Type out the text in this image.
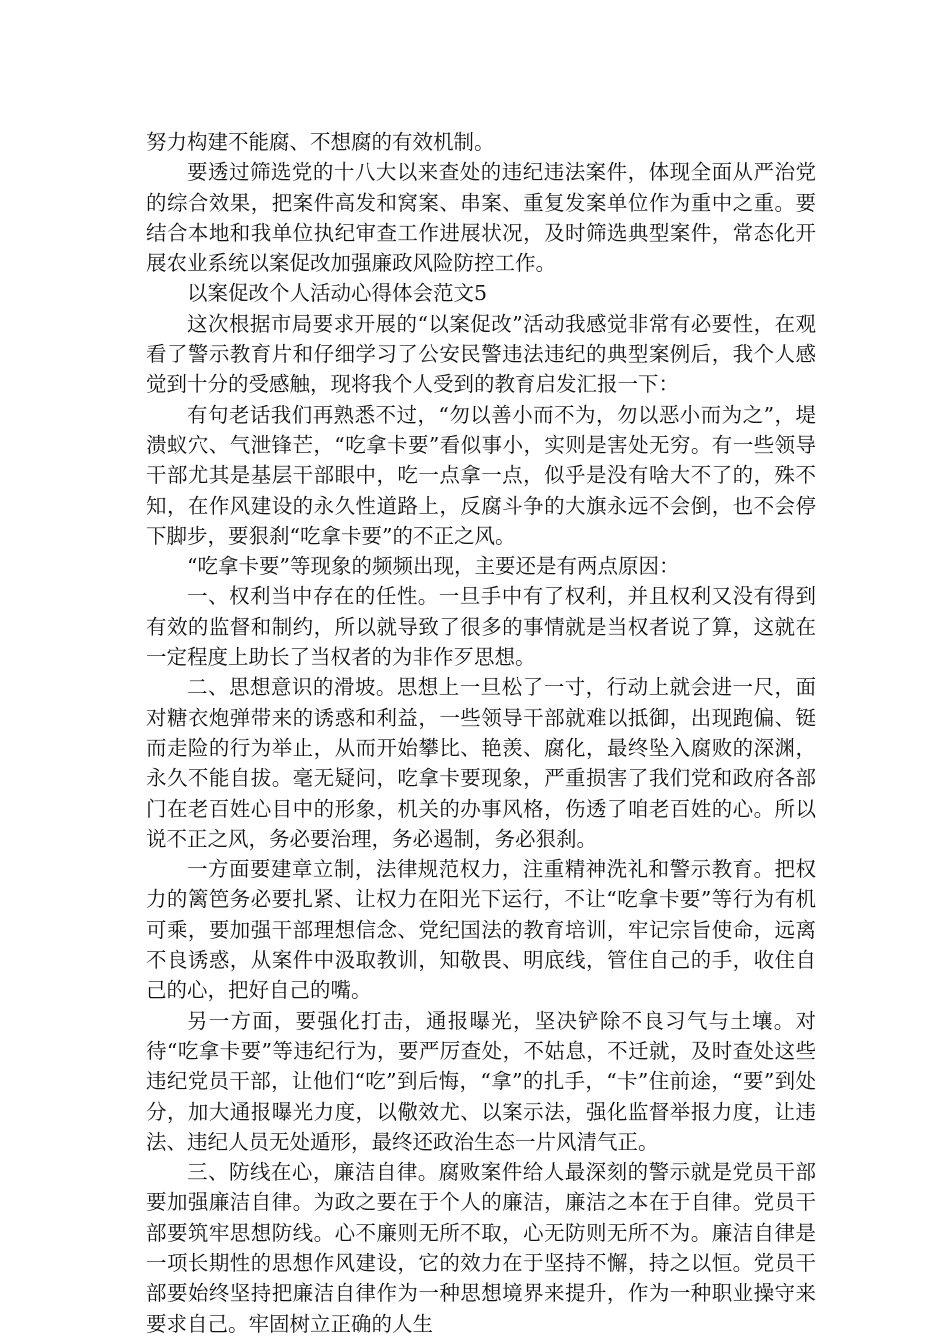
努力构建不能腐、不想腐的有效机制。

要透过筛选党的十八大以来查处的违纪违法案件，体现全面从严治党的综合效果，把案件高发和窝案、串案、重复发案单位作为重中之重。要结合本地和我单位执纪审查工作进展状况，及时筛选典型案件，常态化开展农业系统以案促改加强廉政风险防控工作。

以案促改个人活动心得体会范文5

这次根据市局要求开展的“以案促改”活动我感觉非常有必要性，在观看了警示教育片和仔细学习了公安民警违法违纪的典型案例后，我个人感觉到十分的受感触，现将我个人受到的教育启发汇报一下：

有句老话我们再熟悉不过，“勿以善小而不为，勿以恶小而为之”，堤溃蚁穴、气泄锋芒，“吃拿卡要”看似事小，实则是害处无穷。有一些领导干部尤其是基层干部眼中，吃一点拿一点，似乎是没有啥大不了的，殊不知，在作风建设的永久性道路上，反腐斗争的大旗永远不会倒，也不会停下脚步，要狠刹“吃拿卡要”的不正之风。

“吃拿卡要”等现象的频频出现，主要还是有两点原因：

一、权利当中存在的任性。一旦手中有了权利，并且权利又没有得到有效的监督和制约，所以就导致了很多的事情就是当权者说了算，这就在一定程度上助长了当权者的为非作歹思想。

二、思想意识的滑坡。思想上一旦松了一寸，行动上就会进一尺，面对糖衣炮弹带来的诱惑和利益，一些领导干部就难以抵御，出现跑偏、铤而走险的行为举止，从而开始攀比、艳羡、腐化，最终坠入腐败的深渊，永久不能自拔。毫无疑问，吃拿卡要现象，严重损害了我们党和政府各部门在老百姓心目中的形象，机关的办事风格，伤透了咱老百姓的心。所以说不正之风，务必要治理，务必遏制，务必狠刹。

一方面要建章立制，法律规范权力，注重精神洗礼和警示教育。把权力的篱笆务必要扎紧、让权力在阳光下运行，不让“吃拿卡要”等行为有机可乘，要加强干部理想信念、党纪国法的教育培训，牢记宗旨使命，远离不良诱惑，从案件中汲取教训，知敬畏、明底线，管住自己的手，收住自己的心，把好自己的嘴。

另一方面，要强化打击，通报曝光，坚决铲除不良习气与土壤。对待“吃拿卡要”等违纪行为，要严厉查处，不姑息，不迁就，及时查处这些违纪党员干部，让他们“吃”到后悔，“拿”的扎手，“卡”住前途，“要”到处分，加大通报曝光力度，以儆效尤、以案示法，强化监督举报力度，让违法、违纪人员无处遁形，最终还政治生态一片风清气正。

三、防线在心，廉洁自律。腐败案件给人最深刻的警示就是党员干部要加强廉洁自律。为政之要在于个人的廉洁，廉洁之本在于自律。党员干部要筑牢思想防线。心不廉则无所不取，心无防则无所不为。廉洁自律是一项长期性的思想作风建设，它的效力在于坚持不懈，持之以恒。党员干部要始终坚持把廉洁自律作为一种思想境界来提升，作为一种职业操守来要求自己。牢固树立正确的人生
